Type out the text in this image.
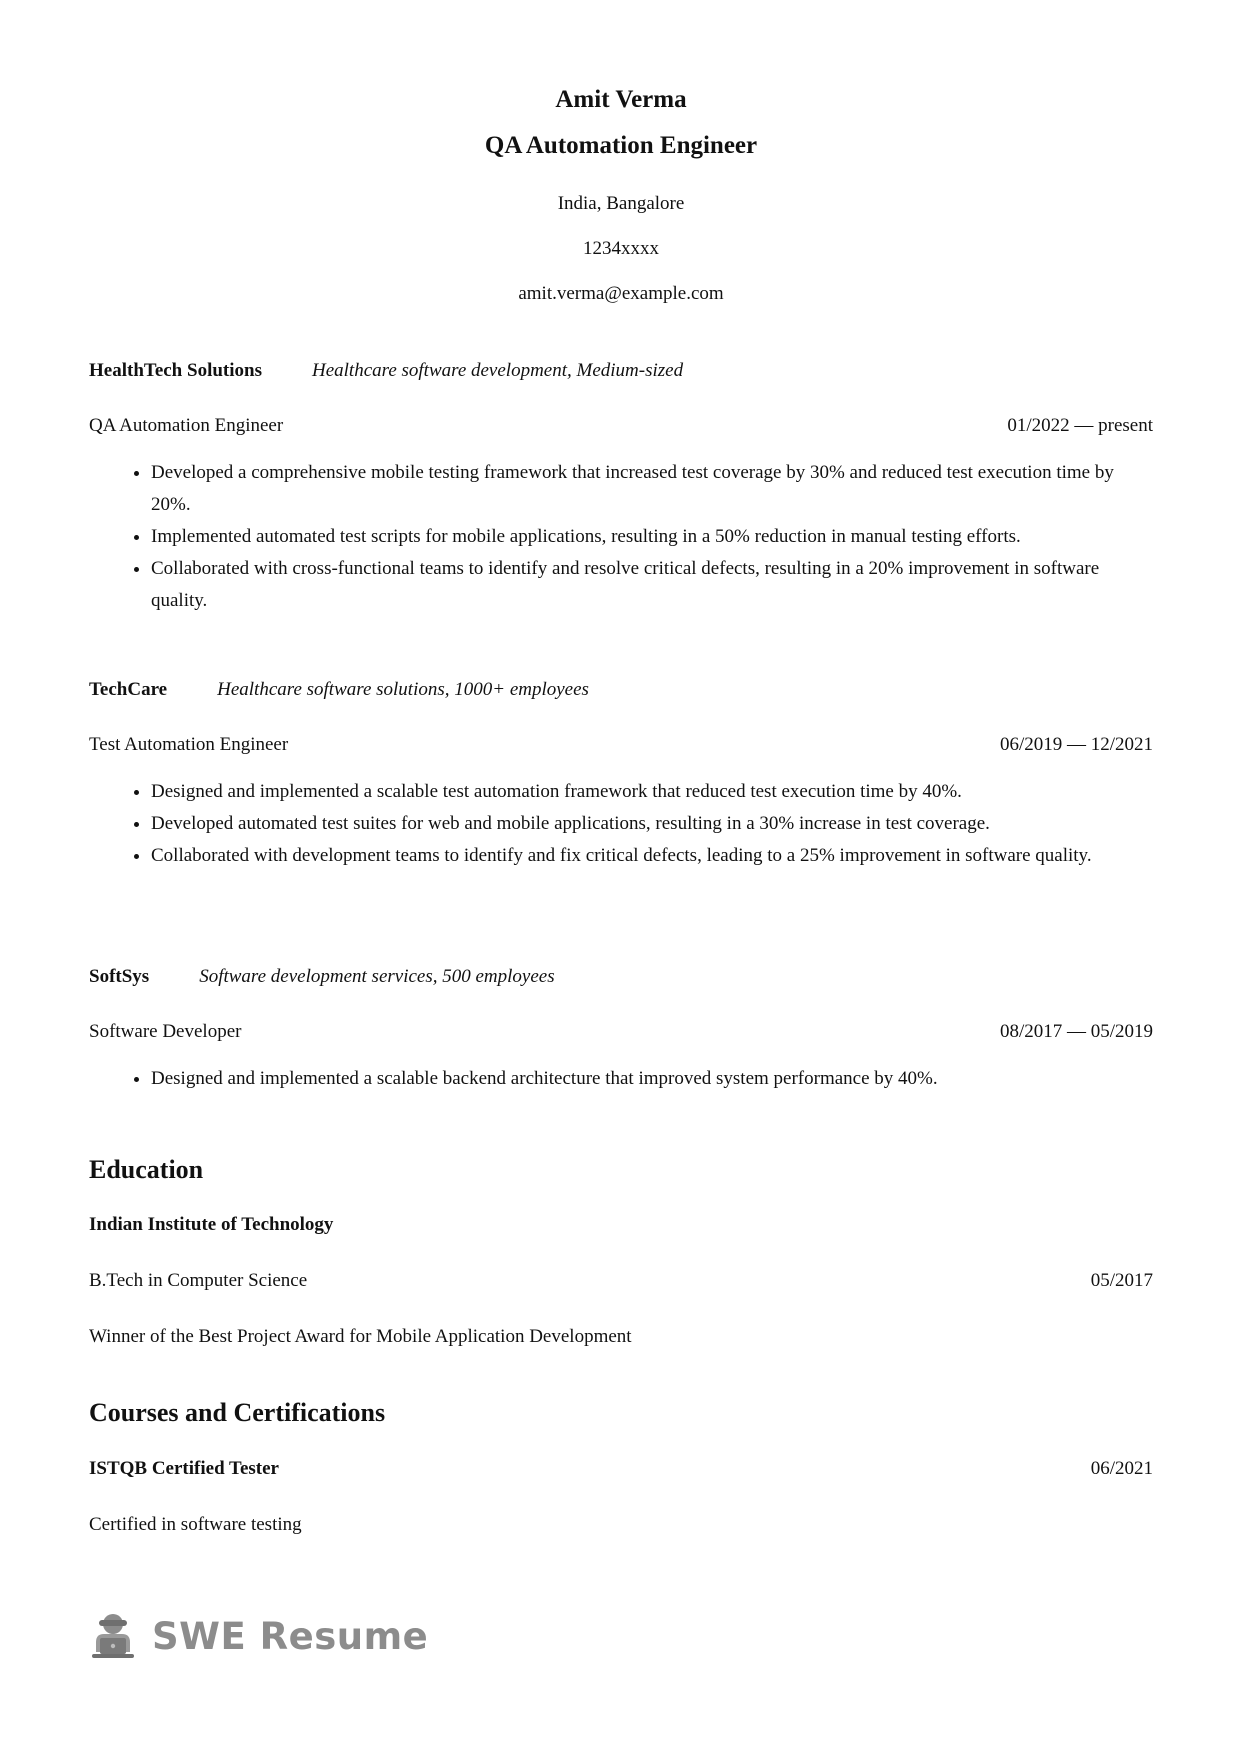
Amit Verma
QA Automation Engineer
India, Bangalore
1234xxxx
amit.verma@example.com
HealthTech Solutions	Healthcare software development, Medium-sized
QA Automation Engineer	01/2022 — present
• Developed a comprehensive mobile testing framework that increased test coverage by 30% and reduced test execution time by 20%.
• Implemented automated test scripts for mobile applications, resulting in a 50% reduction in manual testing efforts.
• Collaborated with cross-functional teams to identify and resolve critical defects, resulting in a 20% improvement in software quality.
TechCare	Healthcare software solutions, 1000+ employees
Test Automation Engineer	06/2019 — 12/2021
• Designed and implemented a scalable test automation framework that reduced test execution time by 40%.
• Developed automated test suites for web and mobile applications, resulting in a 30% increase in test coverage.
• Collaborated with development teams to identify and fix critical defects, leading to a 25% improvement in software quality.
SoftSys	Software development services, 500 employees
Software Developer	08/2017 — 05/2019
• Designed and implemented a scalable backend architecture that improved system performance by 40%.
Education
Indian Institute of Technology
B.Tech in Computer Science	05/2017
Winner of the Best Project Award for Mobile Application Development
Courses and Certifications
ISTQB Certified Tester	06/2021
Certified in software testing
SWE Resume
